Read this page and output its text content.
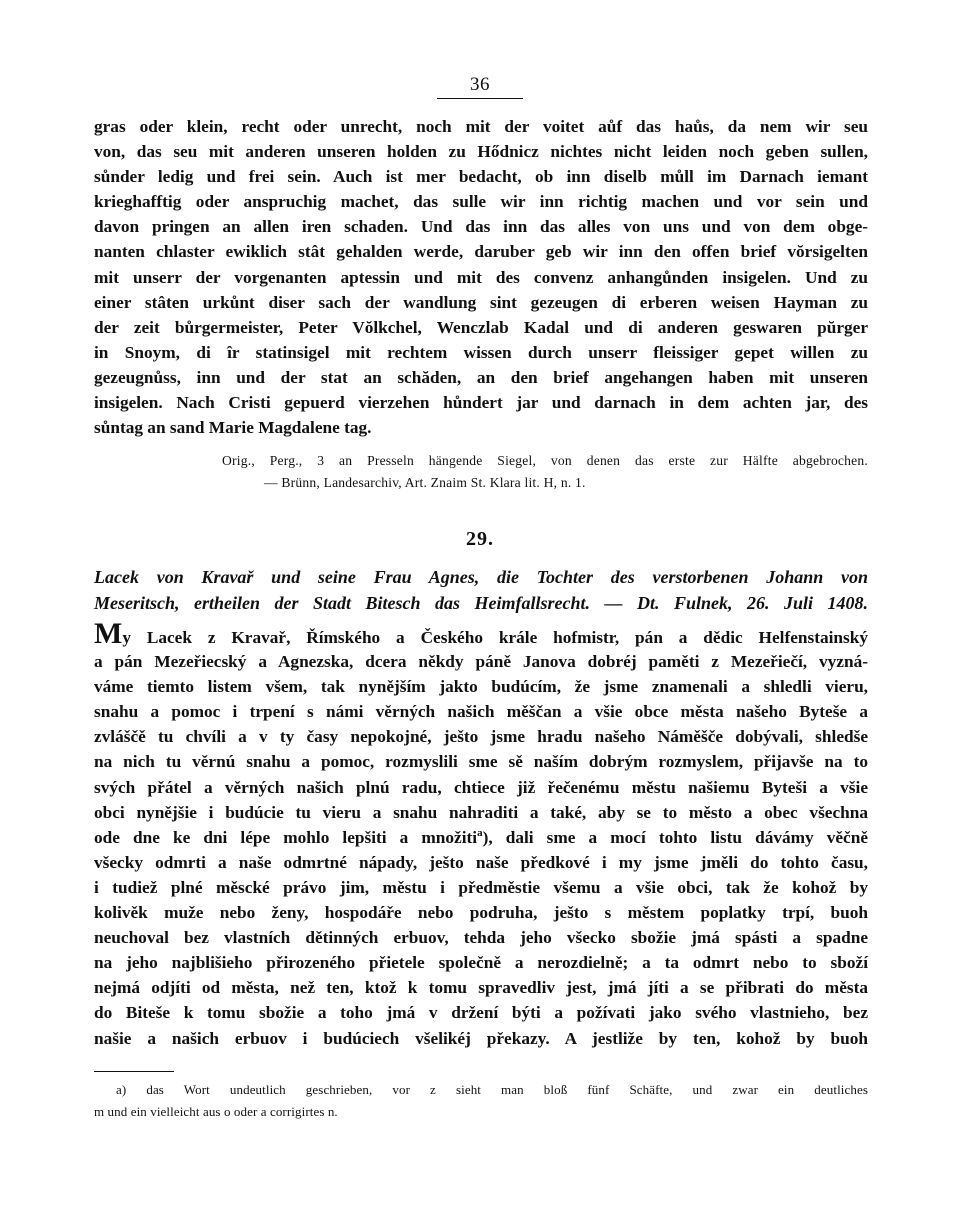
36
gras oder klein, recht oder unrecht, noch mit der voitet aůf das haůs, da nem wir seu
von, das seu mit anderen unseren holden zu Hődnicz nichtes nicht leiden noch geben sullen,
sůnder ledig und frei sein. Auch ist mer bedacht, ob inn diselb můll im Darnach iemant
krieghafftig oder anspruchig machet, das sulle wir inn richtig machen und vor sein und
davon pringen an allen iren schaden. Und das inn das alles von uns und von dem obge-
nanten chlaster ewiklich stât gehalden werde, daruber geb wir inn den offen brief vŏrsigelten
mit unserr der vorgenanten aptessin und mit des convenz anhangůnden insigelen. Und zu
einer stâten urkůnt diser sach der wandlung sint gezeugen di erberen weisen Hayman zu
der zeit bůrgermeister, Peter Vŏlkchel, Wenczlab Kadal und di anderen geswaren pŭrger
in Snoym, di îr statinsigel mit rechtem wissen durch unserr fleissiger gepet willen zu
gezeugnůss, inn und der stat an schăden, an den brief angehangen haben mit unseren
insigelen. Nach Cristi gepuerd vierzehen hůndert jar und darnach in dem achten jar, des
sůntag an sand Marie Magdalene tag.
Orig., Perg., 3 an Presseln hängende Siegel, von denen das erste zur Hälfte abgebrochen.
— Brünn, Landesarchiv, Art. Znaim St. Klara lit. H, n. 1.
29.
Lacek von Kravař und seine Frau Agnes, die Tochter des verstorbenen Johann von
Meseritsch, ertheilen der Stadt Bitesch das Heimfallsrecht. — Dt. Fulnek, 26. Juli 1408.
My Lacek z Kravař, Římského a Českého krále hofmistr, pán a dědic Helfenstainský
a pán Mezeřiecský a Agnezska, dcera někdy páně Janova dobréj paměti z Mezeřiečí, vyzná-
váme tiemto listem všem, tak nynějším jakto budúcím, že jsme znamenali a shledli vieru,
snahu a pomoc i trpení s námi věrných našich měščan a všie obce města našeho Byteše a
zvláščě tu chvíli a v ty časy nepokojné, ješto jsme hradu našeho Náměšče dobývali, shledše
na nich tu věrnú snahu a pomoc, rozmyslili sme sě naším dobrým rozmyslem, přijavše na to
svých přátel a věrných našich plnú radu, chtiece již řečenému městu našiemu Byteši a všie
obci nynějšie i budúcie tu vieru a snahu nahraditi a také, aby se to město a obec všechna
ode dne ke dni lépe mohlo lepšiti a množiti$^a$), dali sme a mocí tohto listu dávámy věčně
všecky odmrti a naše odmrtné nápady, ješto naše předkové i my jsme jměli do tohto času,
i tudiež plné měscké právo jim, městu i předměstie všemu a všie obci, tak že kohož by
kolivěk muže nebo ženy, hospodáře nebo podruha, ješto s městem poplatky trpí, buoh
neuchoval bez vlastních dětinných erbuov, tehda jeho všecko sbožie jmá spásti a spadne
na jeho najblišieho přirozeného přietele společně a nerozdielně; a ta odmrt nebo to sboží
nejmá odjíti od města, než ten, ktož k tomu spravedliv jest, jmá jíti a se přibrati do města
do Biteše k tomu sbožie a toho jmá v držení býti a požívati jako svého vlastnieho, bez
našie a našich erbuov i budúciech všelikéj překazy. A jestliže by ten, kohož by buoh
a) das Wort undeutlich geschrieben, vor z sieht man bloß fünf Schäfte, und zwar ein deutliches
m und ein vielleicht aus o oder a corrigirtes n.
